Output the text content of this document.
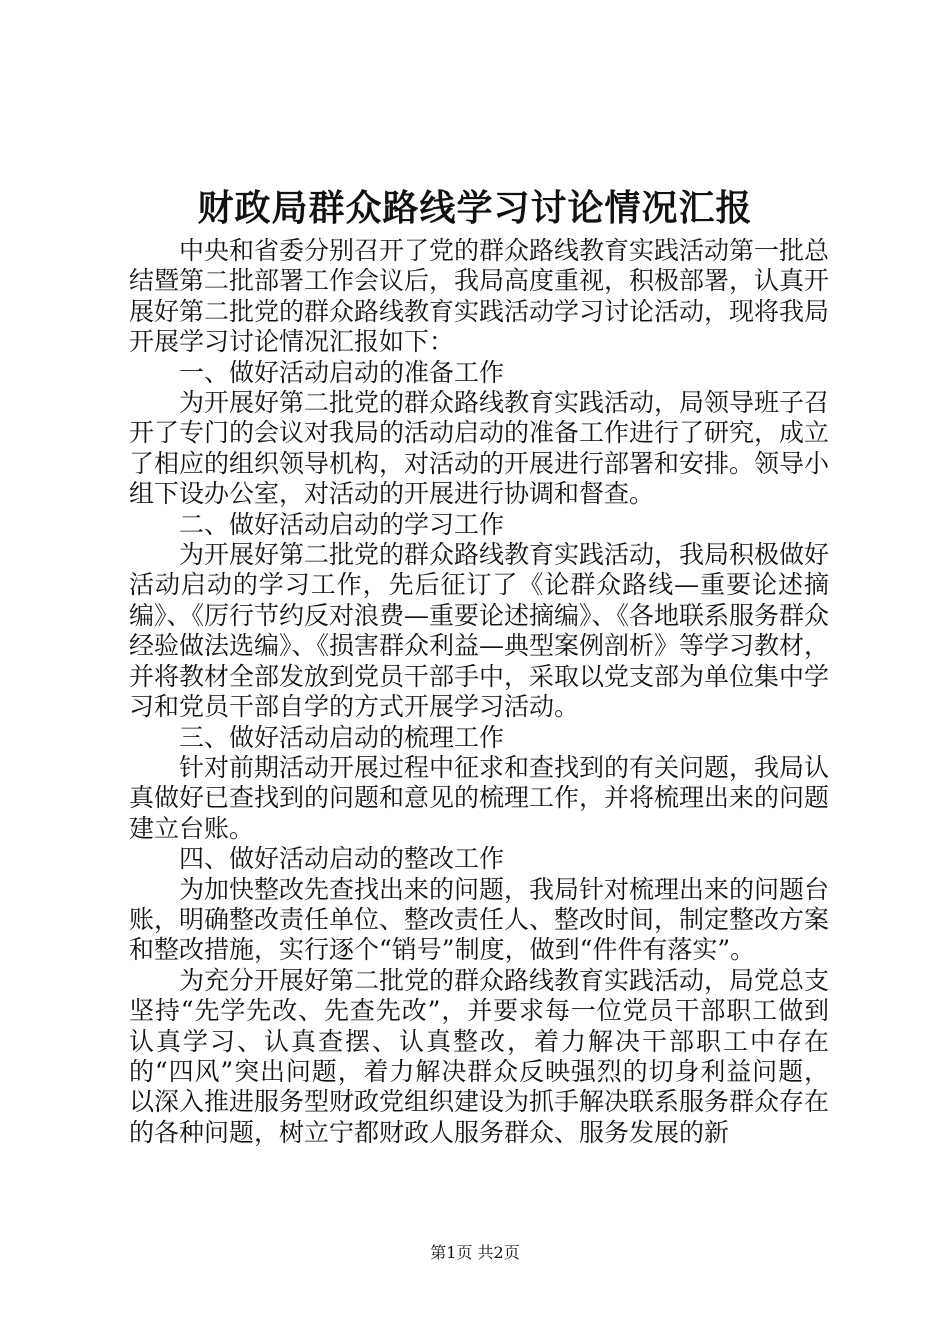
财政局群众路线学习讨论情况汇报

中央和省委分别召开了党的群众路线教育实践活动第一批总结暨第二批部署工作会议后，我局高度重视，积极部署，认真开展好第二批党的群众路线教育实践活动学习讨论活动，现将我局开展学习讨论情况汇报如下：

一、做好活动启动的准备工作

为开展好第二批党的群众路线教育实践活动，局领导班子召开了专门的会议对我局的活动启动的准备工作进行了研究，成立了相应的组织领导机构，对活动的开展进行部署和安排。领导小组下设办公室，对活动的开展进行协调和督查。

二、做好活动启动的学习工作

为开展好第二批党的群众路线教育实践活动，我局积极做好活动启动的学习工作，先后征订了《论群众路线—重要论述摘编》、《厉行节约反对浪费—重要论述摘编》、《各地联系服务群众经验做法选编》、《损害群众利益—典型案例剖析》等学习教材，并将教材全部发放到党员干部手中，采取以党支部为单位集中学习和党员干部自学的方式开展学习活动。

三、做好活动启动的梳理工作

针对前期活动开展过程中征求和查找到的有关问题，我局认真做好已查找到的问题和意见的梳理工作，并将梳理出来的问题建立台账。

四、做好活动启动的整改工作

为加快整改先查找出来的问题，我局针对梳理出来的问题台账，明确整改责任单位、整改责任人、整改时间，制定整改方案和整改措施，实行逐个“销号”制度，做到“件件有落实”。

为充分开展好第二批党的群众路线教育实践活动，局党总支坚持“先学先改、先查先改”，并要求每一位党员干部职工做到认真学习、认真查摆、认真整改，着力解决干部职工中存在的“四风”突出问题，着力解决群众反映强烈的切身利益问题，以深入推进服务型财政党组织建设为抓手解决联系服务群众存在的各种问题，树立宁都财政人服务群众、服务发展的新

第1页 共2页
